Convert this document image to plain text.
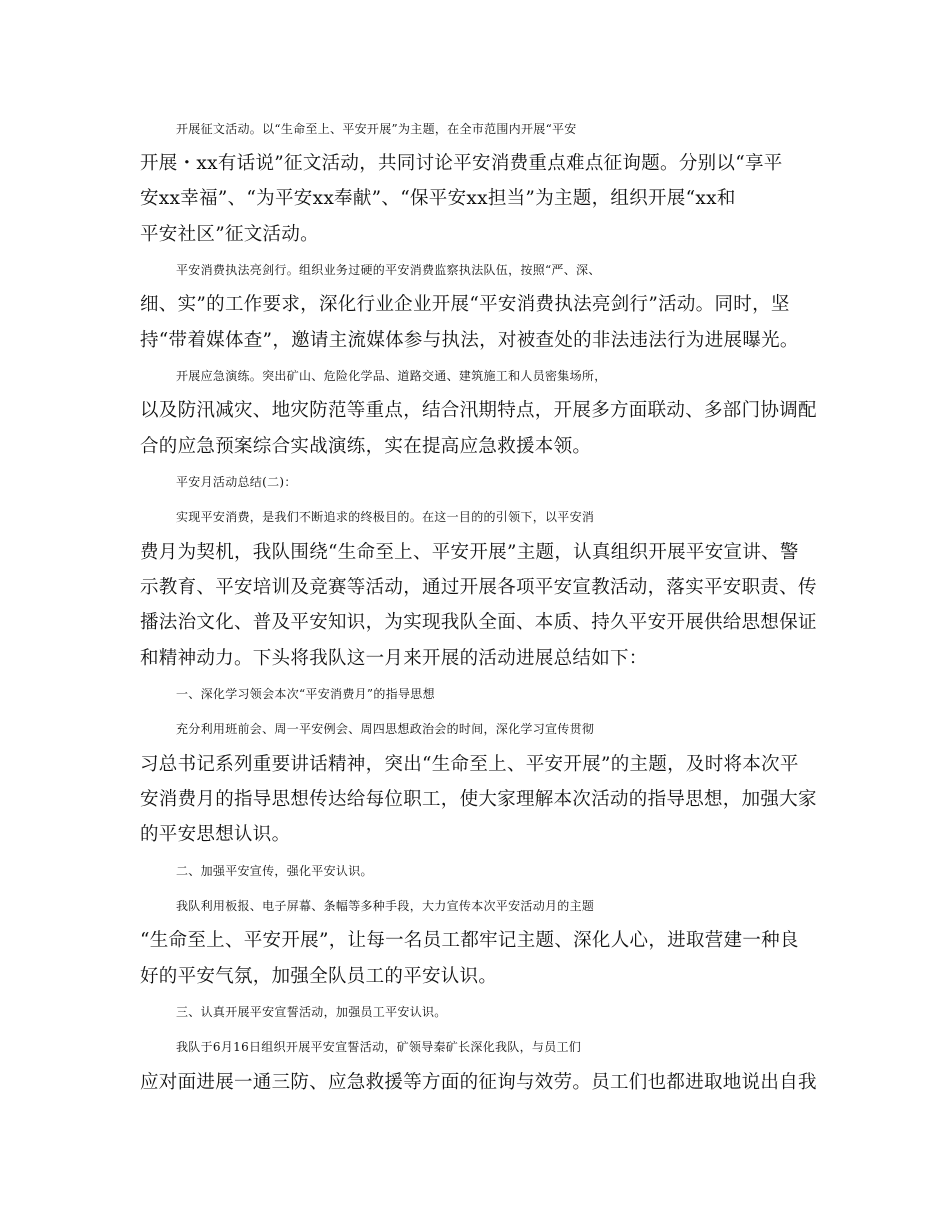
开展征文活动。以“生命至上、平安开展”为主题，在全市范围内开展“平安
开展・xx有话说”征文活动，共同讨论平安消费重点难点征询题。分别以“享平
安xx幸福”、“为平安xx奉献”、“保平安xx担当”为主题，组织开展“xx和
平安社区”征文活动。
平安消费执法亮剑行。组织业务过硬的平安消费监察执法队伍，按照“严、深、
细、实”的工作要求，深化行业企业开展“平安消费执法亮剑行”活动。同时，坚
持“带着媒体查”，邀请主流媒体参与执法，对被查处的非法违法行为进展曝光。
开展应急演练。突出矿山、危险化学品、道路交通、建筑施工和人员密集场所，
以及防汛减灾、地灾防范等重点，结合汛期特点，开展多方面联动、多部门协调配
合的应急预案综合实战演练，实在提高应急救援本领。
平安月活动总结(二)：
实现平安消费，是我们不断追求的终极目的。在这一目的的引领下，以平安消
费月为契机，我队围绕“生命至上、平安开展”主题，认真组织开展平安宣讲、警
示教育、平安培训及竞赛等活动，通过开展各项平安宣教活动，落实平安职责、传
播法治文化、普及平安知识，为实现我队全面、本质、持久平安开展供给思想保证
和精神动力。下头将我队这一月来开展的活动进展总结如下：
一、深化学习领会本次“平安消费月”的指导思想
充分利用班前会、周一平安例会、周四思想政治会的时间，深化学习宣传贯彻
习总书记系列重要讲话精神，突出“生命至上、平安开展”的主题，及时将本次平
安消费月的指导思想传达给每位职工，使大家理解本次活动的指导思想，加强大家
的平安思想认识。
二、加强平安宣传，强化平安认识。
我队利用板报、电子屏幕、条幅等多种手段，大力宣传本次平安活动月的主题
“生命至上、平安开展”，让每一名员工都牢记主题、深化人心，进取营建一种良
好的平安气氛，加强全队员工的平安认识。
三、认真开展平安宣誓活动，加强员工平安认识。
我队于6月16日组织开展平安宣誓活动，矿领导秦矿长深化我队，与员工们
应对面进展一通三防、应急救援等方面的征询与效劳。员工们也都进取地说出自我
